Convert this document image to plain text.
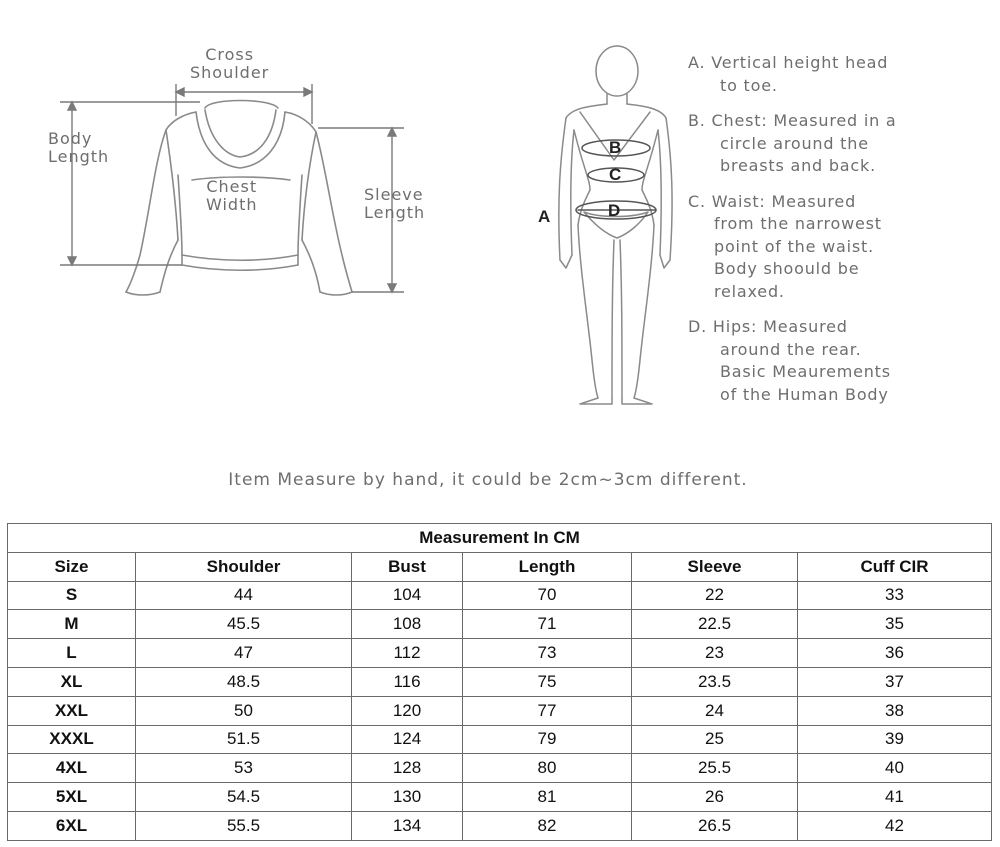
Cross
Shoulder
Body
Length
Chest
Width
Sleeve
Length	A
B
C
D
A. Vertical height head
to toe.
B. Chest: Measured in a
circle around the
breasts and back.
C. Waist: Measured
from the narrowest
point of the waist.
Body shoould be
relaxed.
D. Hips: Measured
around the rear.
Basic Meaurements
of the Human Body
Item Measure by hand, it could be 2cm~3cm different.
Measurement In CM					
Size	Shoulder	Bust	Length	Sleeve	Cuff CIR
S	44	104	70	22	33
M	45.5	108	71	22.5	35
L	47	112	73	23	36
XL	48.5	116	75	23.5	37
XXL	50	120	77	24	38
XXXL	51.5	124	79	25	39
4XL	53	128	80	25.5	40
5XL	54.5	130	81	26	41
6XL	55.5	134	82	26.5	42
